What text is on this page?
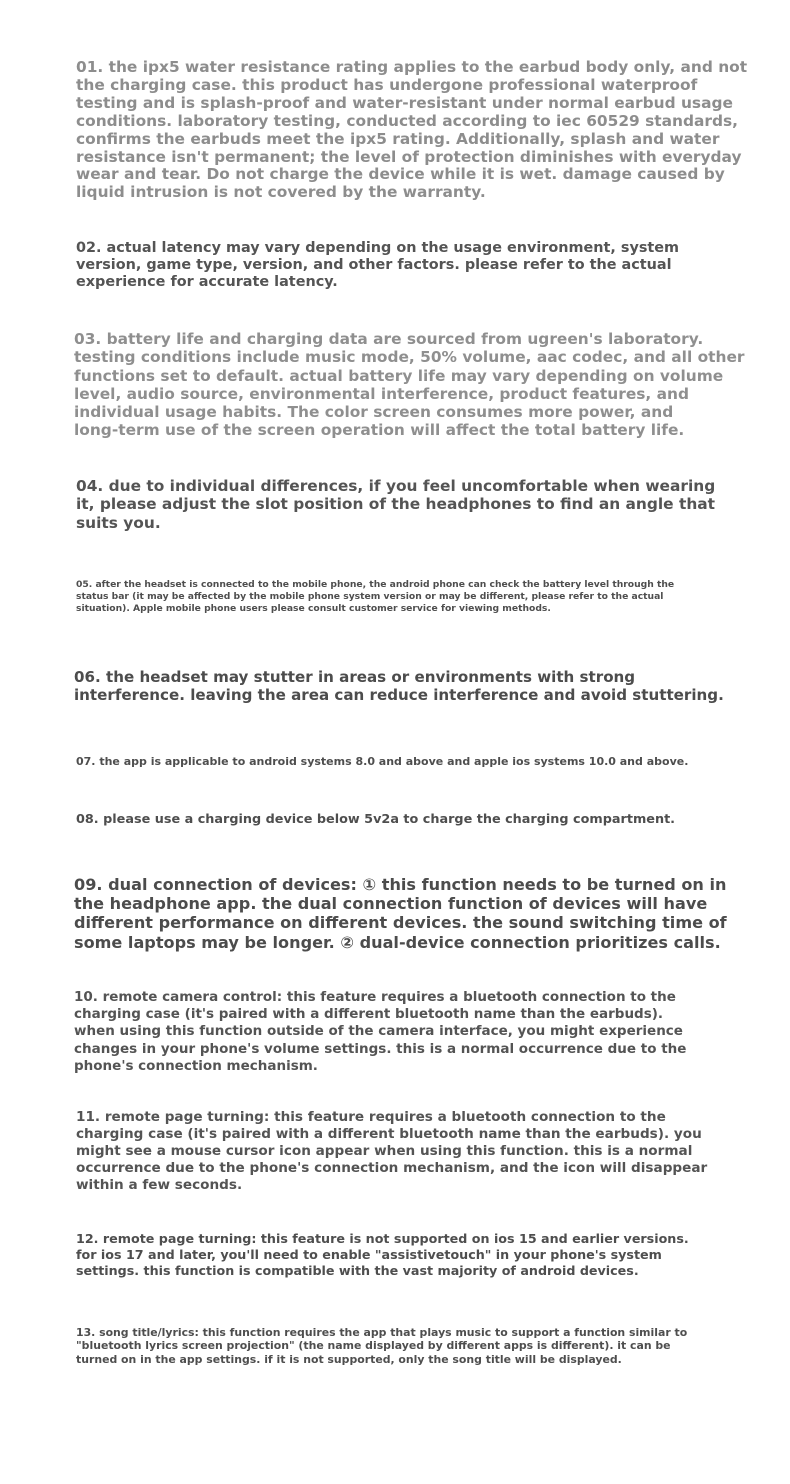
01. the ipx5 water resistance rating applies to the earbud body only, and not
the charging case. this product has undergone professional waterproof
testing and is splash-proof and water-resistant under normal earbud usage
conditions. laboratory testing, conducted according to iec 60529 standards,
confirms the earbuds meet the ipx5 rating. Additionally, splash and water
resistance isn't permanent; the level of protection diminishes with everyday
wear and tear. Do not charge the device while it is wet. damage caused by
liquid intrusion is not covered by the warranty.

02. actual latency may vary depending on the usage environment, system
version, game type, version, and other factors. please refer to the actual
experience for accurate latency.

03. battery life and charging data are sourced from ugreen's laboratory.
testing conditions include music mode, 50% volume, aac codec, and all other
functions set to default. actual battery life may vary depending on volume
level, audio source, environmental interference, product features, and
individual usage habits. The color screen consumes more power, and
long-term use of the screen operation will affect the total battery life.

04. due to individual differences, if you feel uncomfortable when wearing
it, please adjust the slot position of the headphones to find an angle that
suits you.

05. after the headset is connected to the mobile phone, the android phone can check the battery level through the
status bar (it may be affected by the mobile phone system version or may be different, please refer to the actual
situation). Apple mobile phone users please consult customer service for viewing methods.

06. the headset may stutter in areas or environments with strong
interference. leaving the area can reduce interference and avoid stuttering.

07. the app is applicable to android systems 8.0 and above and apple ios systems 10.0 and above.

08. please use a charging device below 5v2a to charge the charging compartment.

09. dual connection of devices: ① this function needs to be turned on in
the headphone app. the dual connection function of devices will have
different performance on different devices. the sound switching time of
some laptops may be longer. ② dual-device connection prioritizes calls.

10. remote camera control: this feature requires a bluetooth connection to the
charging case (it's paired with a different bluetooth name than the earbuds).
when using this function outside of the camera interface, you might experience
changes in your phone's volume settings. this is a normal occurrence due to the
phone's connection mechanism.

11. remote page turning: this feature requires a bluetooth connection to the
charging case (it's paired with a different bluetooth name than the earbuds). you
might see a mouse cursor icon appear when using this function. this is a normal
occurrence due to the phone's connection mechanism, and the icon will disappear
within a few seconds.

12. remote page turning: this feature is not supported on ios 15 and earlier versions.
for ios 17 and later, you'll need to enable "assistivetouch" in your phone's system
settings. this function is compatible with the vast majority of android devices.

13. song title/lyrics: this function requires the app that plays music to support a function similar to
"bluetooth lyrics screen projection" (the name displayed by different apps is different). it can be
turned on in the app settings. if it is not supported, only the song title will be displayed.
